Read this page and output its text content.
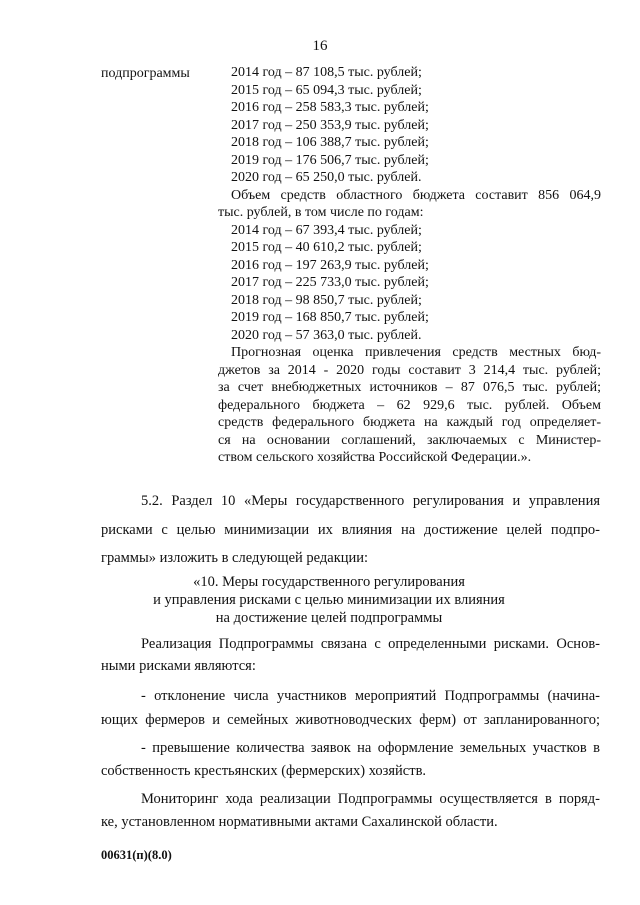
16
подпрограммы	2014 год – 87 108,5 тыс. рублей;
2015 год – 65 094,3 тыс. рублей;
2016 год – 258 583,3 тыс. рублей;
2017 год – 250 353,9 тыс. рублей;
2018 год – 106 388,7 тыс. рублей;
2019 год – 176 506,7 тыс. рублей;
2020 год – 65 250,0 тыс. рублей.
Объем средств областного бюджета составит 856 064,9
тыс. рублей, в том числе по годам:
2014 год – 67 393,4 тыс. рублей;
2015 год – 40 610,2 тыс. рублей;
2016 год – 197 263,9 тыс. рублей;
2017 год – 225 733,0 тыс. рублей;
2018 год – 98 850,7 тыс. рублей;
2019 год – 168 850,7 тыс. рублей;
2020 год – 57 363,0 тыс. рублей.
Прогнозная оценка привлечения средств местных бюд-
джетов за 2014 - 2020 годы составит 3 214,4 тыс. рублей;
за счет внебюджетных источников – 87 076,5 тыс. рублей;
федерального бюджета – 62 929,6 тыс. рублей. Объем
средств федерального бюджета на каждый год определяет-
ся на основании соглашений, заключаемых с Министер-
ством сельского хозяйства Российской Федерации.».
5.2. Раздел 10 «Меры государственного регулирования и управления
рисками с целью минимизации их влияния на достижение целей подпро-
граммы» изложить в следующей редакции:
«10. Меры государственного регулирования
и управления рисками с целью минимизации их влияния
на достижение целей подпрограммы
Реализация Подпрограммы связана с определенными рисками. Основ-
ными рисками являются:
- отклонение числа участников мероприятий Подпрограммы (начина-
ющих фермеров и семейных животноводческих ферм) от запланированного;
- превышение количества заявок на оформление земельных участков в
собственность крестьянских (фермерских) хозяйств.
Мониторинг хода реализации Подпрограммы осуществляется в поряд-
ке, установленном нормативными актами Сахалинской области.
00631(п)(8.0)
